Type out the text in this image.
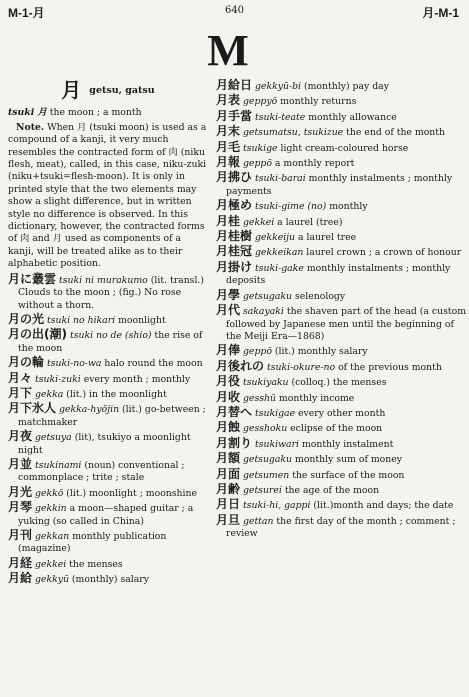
M-1-月	640	月-M-1
M
月getsu, gatsu
tsuki 月 the moon ; a month
Note. When 月 (tsuki moon) is used as a compound of a kanji, it very much resembles the contracted form of 肉 (niku flesh, meat), called, in this case, niku-zuki (niku+tsuki=flesh-moon). It is only in printed style that the two elements may show a slight difference, but in written style no difference is observed. In this dictionary, however, the contracted forms of 肉 and 月 used as components of a kanji, will be treated alike as to their alphabetic position.
月に叢雲 tsuki ni murakumo (lit. transl.) Clouds to the moon ; (fig.) No rose without a thorn.
月の光 tsuki no hikari moonlight
月の出(潮) tsuki no de (shio) the rise of the moon
月の輪 tsuki-no-wa halo round the moon
月々 tsuki-zuki every month ; monthly
月下 gekka (lit.) in the moonlight
月下氷人 gekka-hyōjin (lit.) go-between ; matchmaker
月夜 getsuya (lit), tsukiyo a moonlight night
月並 tsukinami (noun) conventional ; commonplace ; trite ; stale
月光 gekkō (lit.) moonlight ; moonshine
月琴 gekkin a moon—shaped guitar ; a yuking (so called in China)
月刊 gekkan monthly publication (magazine)
月経 gekkei the menses
月給 gekkyū (monthly) salary
月給日 gekkyū-bi (monthly) pay day
月表 geppyō monthly returns
月手當 tsuki-teate monthly allowance
月末 getsumatsu, tsukizue the end of the month
月毛 tsukige light cream-coloured horse
月報 geppō a monthly report
月拂ひ tsuki-barai monthly instalments ; monthly payments
月極め tsuki-gime (no) monthly
月桂 gekkei a laurel (tree)
月桂樹 gekkeiju a laurel tree
月桂冠 gekkeikan laurel crown ; a crown of honour
月掛け tsuki-gake monthly instalments ; monthly deposits
月學 getsugaku selenology
月代 sakayaki the shaven part of the head (a custom followed by Japanese men until the beginning of the Meiji Era—1868)
月俸 geppō (lit.) monthly salary
月後れの tsuki-okure-no of the previous month
月役 tsukiyaku (colloq.) the menses
月收 gesshū monthly income
月替へ tsukigae every other month
月蝕 gesshoku eclipse of the moon
月割り tsukiwari monthly instalment
月額 getsugaku monthly sum of money
月面 getsumen the surface of the moon
月齢 getsurei the age of the moon
月日 tsuki-hi, gappi (lit.)month and days; the date
月旦 gettan the first day of the month ; comment ; review
